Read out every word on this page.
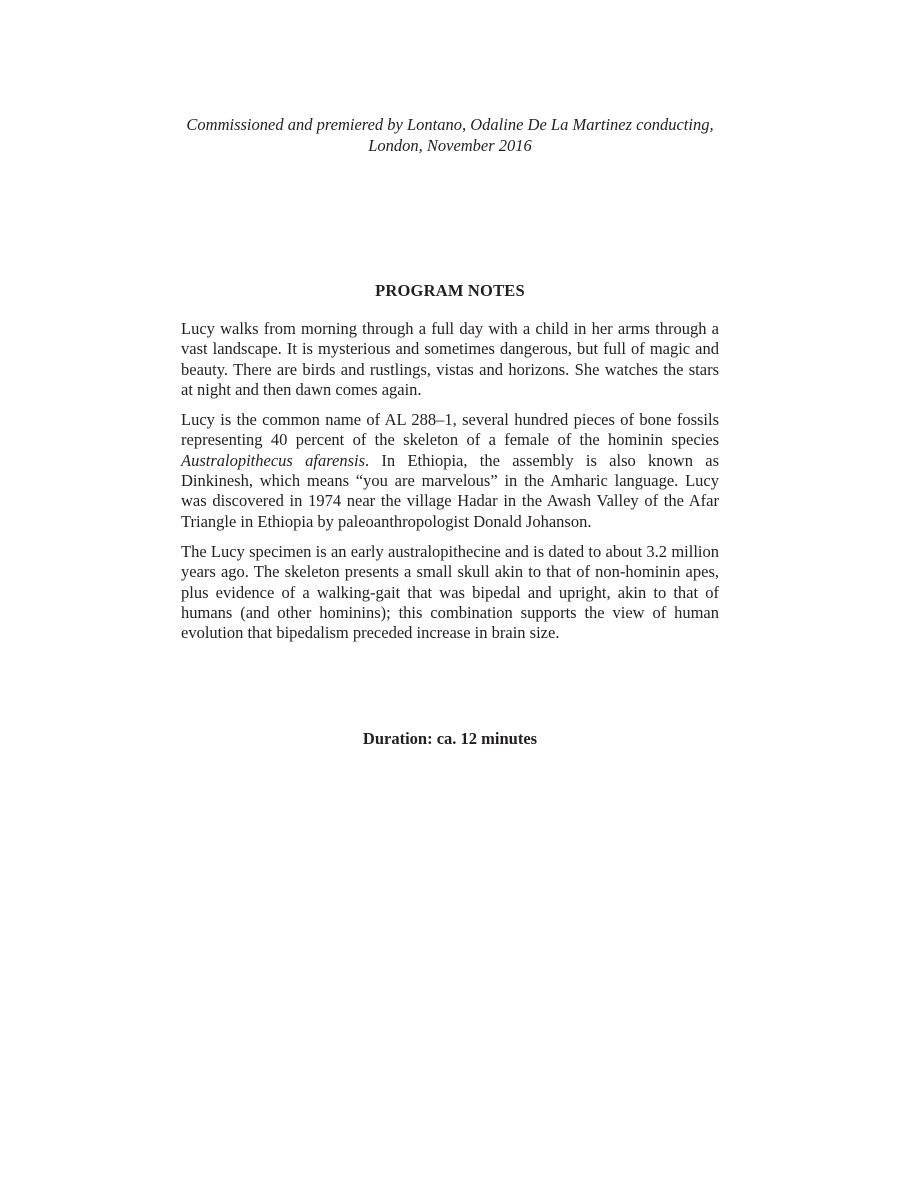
Commissioned and premiered by Lontano, Odaline De La Martinez conducting,
London, November 2016
PROGRAM NOTES

Lucy walks from morning through a full day with a child in her arms through a vast landscape. It is mysterious and sometimes dangerous, but full of magic and beauty. There are birds and rustlings, vistas and horizons. She watches the stars at night and then dawn comes again.

Lucy is the common name of AL 288–1, several hundred pieces of bone fossils representing 40 percent of the skeleton of a female of the hominin species Australopithecus afarensis. In Ethiopia, the assembly is also known as Dinkinesh, which means “you are marvelous” in the Amharic language. Lucy was discovered in 1974 near the village Hadar in the Awash Valley of the Afar Triangle in Ethiopia by paleoanthropologist Donald Johanson.

The Lucy specimen is an early australopithecine and is dated to about 3.2 million years ago. The skeleton presents a small skull akin to that of non-hominin apes, plus evidence of a walking-gait that was bipedal and upright, akin to that of humans (and other hominins); this combination supports the view of human evolution that bipedalism preceded increase in brain size.

Duration: ca. 12 minutes
